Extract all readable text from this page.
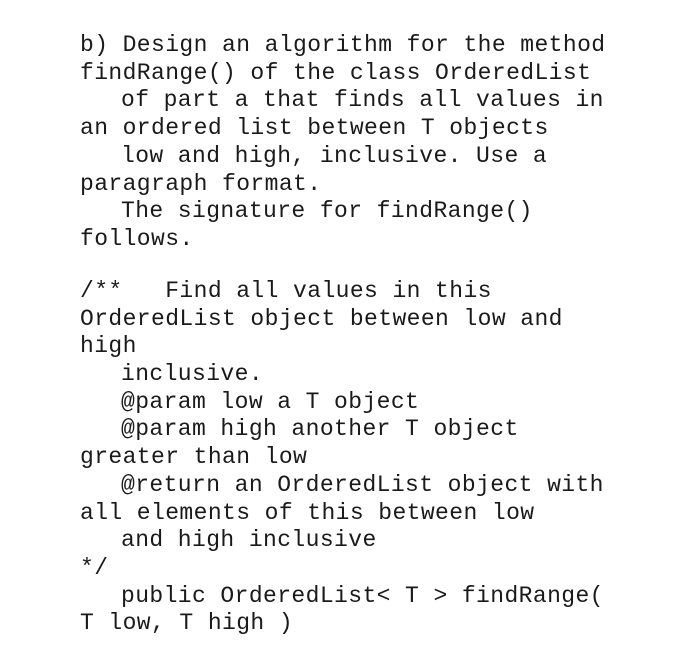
b) Design an algorithm for the method
findRange() of the class OrderedList
of part a that finds all values in
an ordered list between T objects
low and high, inclusive. Use a
paragraph format.
The signature for findRange()
follows.
/**   Find all values in this
OrderedList object between low and
high
inclusive.
@param low a T object
@param high another T object
greater than low
@return an OrderedList object with
all elements of this between low
and high inclusive
*/
public OrderedList< T > findRange(
T low, T high )
